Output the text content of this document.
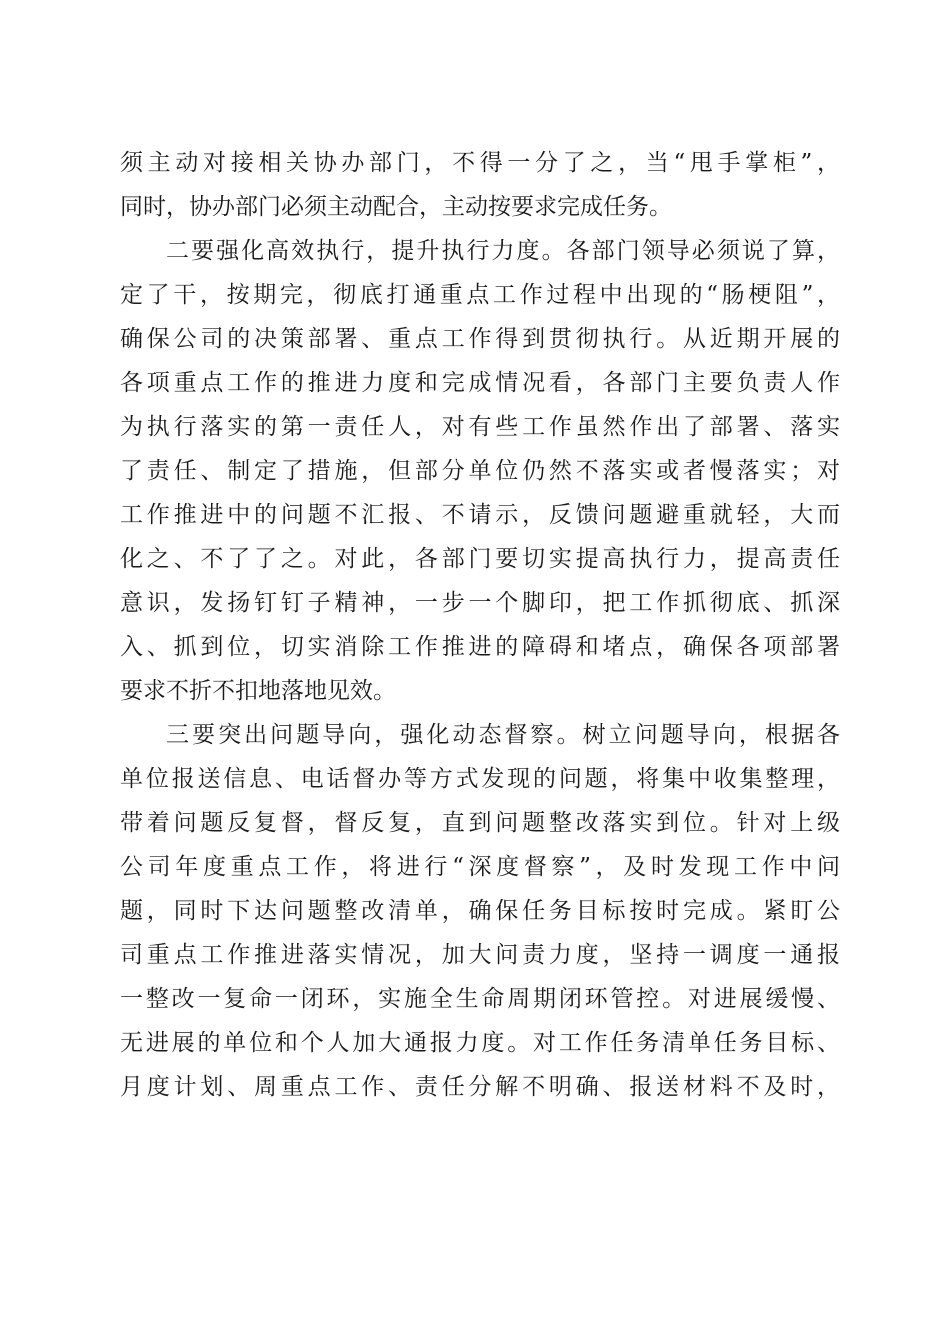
须主动对接相关协办部门，不得一分了之，当“甩手掌柜”，
同时，协办部门必须主动配合，主动按要求完成任务。
二要强化高效执行，提升执行力度。各部门领导必须说了算，
定了干，按期完，彻底打通重点工作过程中出现的“肠梗阻”，
确保公司的决策部署、重点工作得到贯彻执行。从近期开展的
各项重点工作的推进力度和完成情况看，各部门主要负责人作
为执行落实的第一责任人，对有些工作虽然作出了部署、落实
了责任、制定了措施，但部分单位仍然不落实或者慢落实；对
工作推进中的问题不汇报、不请示，反馈问题避重就轻，大而
化之、不了了之。对此，各部门要切实提高执行力，提高责任
意识，发扬钉钉子精神，一步一个脚印，把工作抓彻底、抓深
入、抓到位，切实消除工作推进的障碍和堵点，确保各项部署
要求不折不扣地落地见效。
三要突出问题导向，强化动态督察。树立问题导向，根据各
单位报送信息、电话督办等方式发现的问题，将集中收集整理，
带着问题反复督，督反复，直到问题整改落实到位。针对上级
公司年度重点工作，将进行“深度督察”，及时发现工作中问
题，同时下达问题整改清单，确保任务目标按时完成。紧盯公
司重点工作推进落实情况，加大问责力度，坚持一调度一通报
一整改一复命一闭环，实施全生命周期闭环管控。对进展缓慢、
无进展的单位和个人加大通报力度。对工作任务清单任务目标、
月度计划、周重点工作、责任分解不明确、报送材料不及时，
